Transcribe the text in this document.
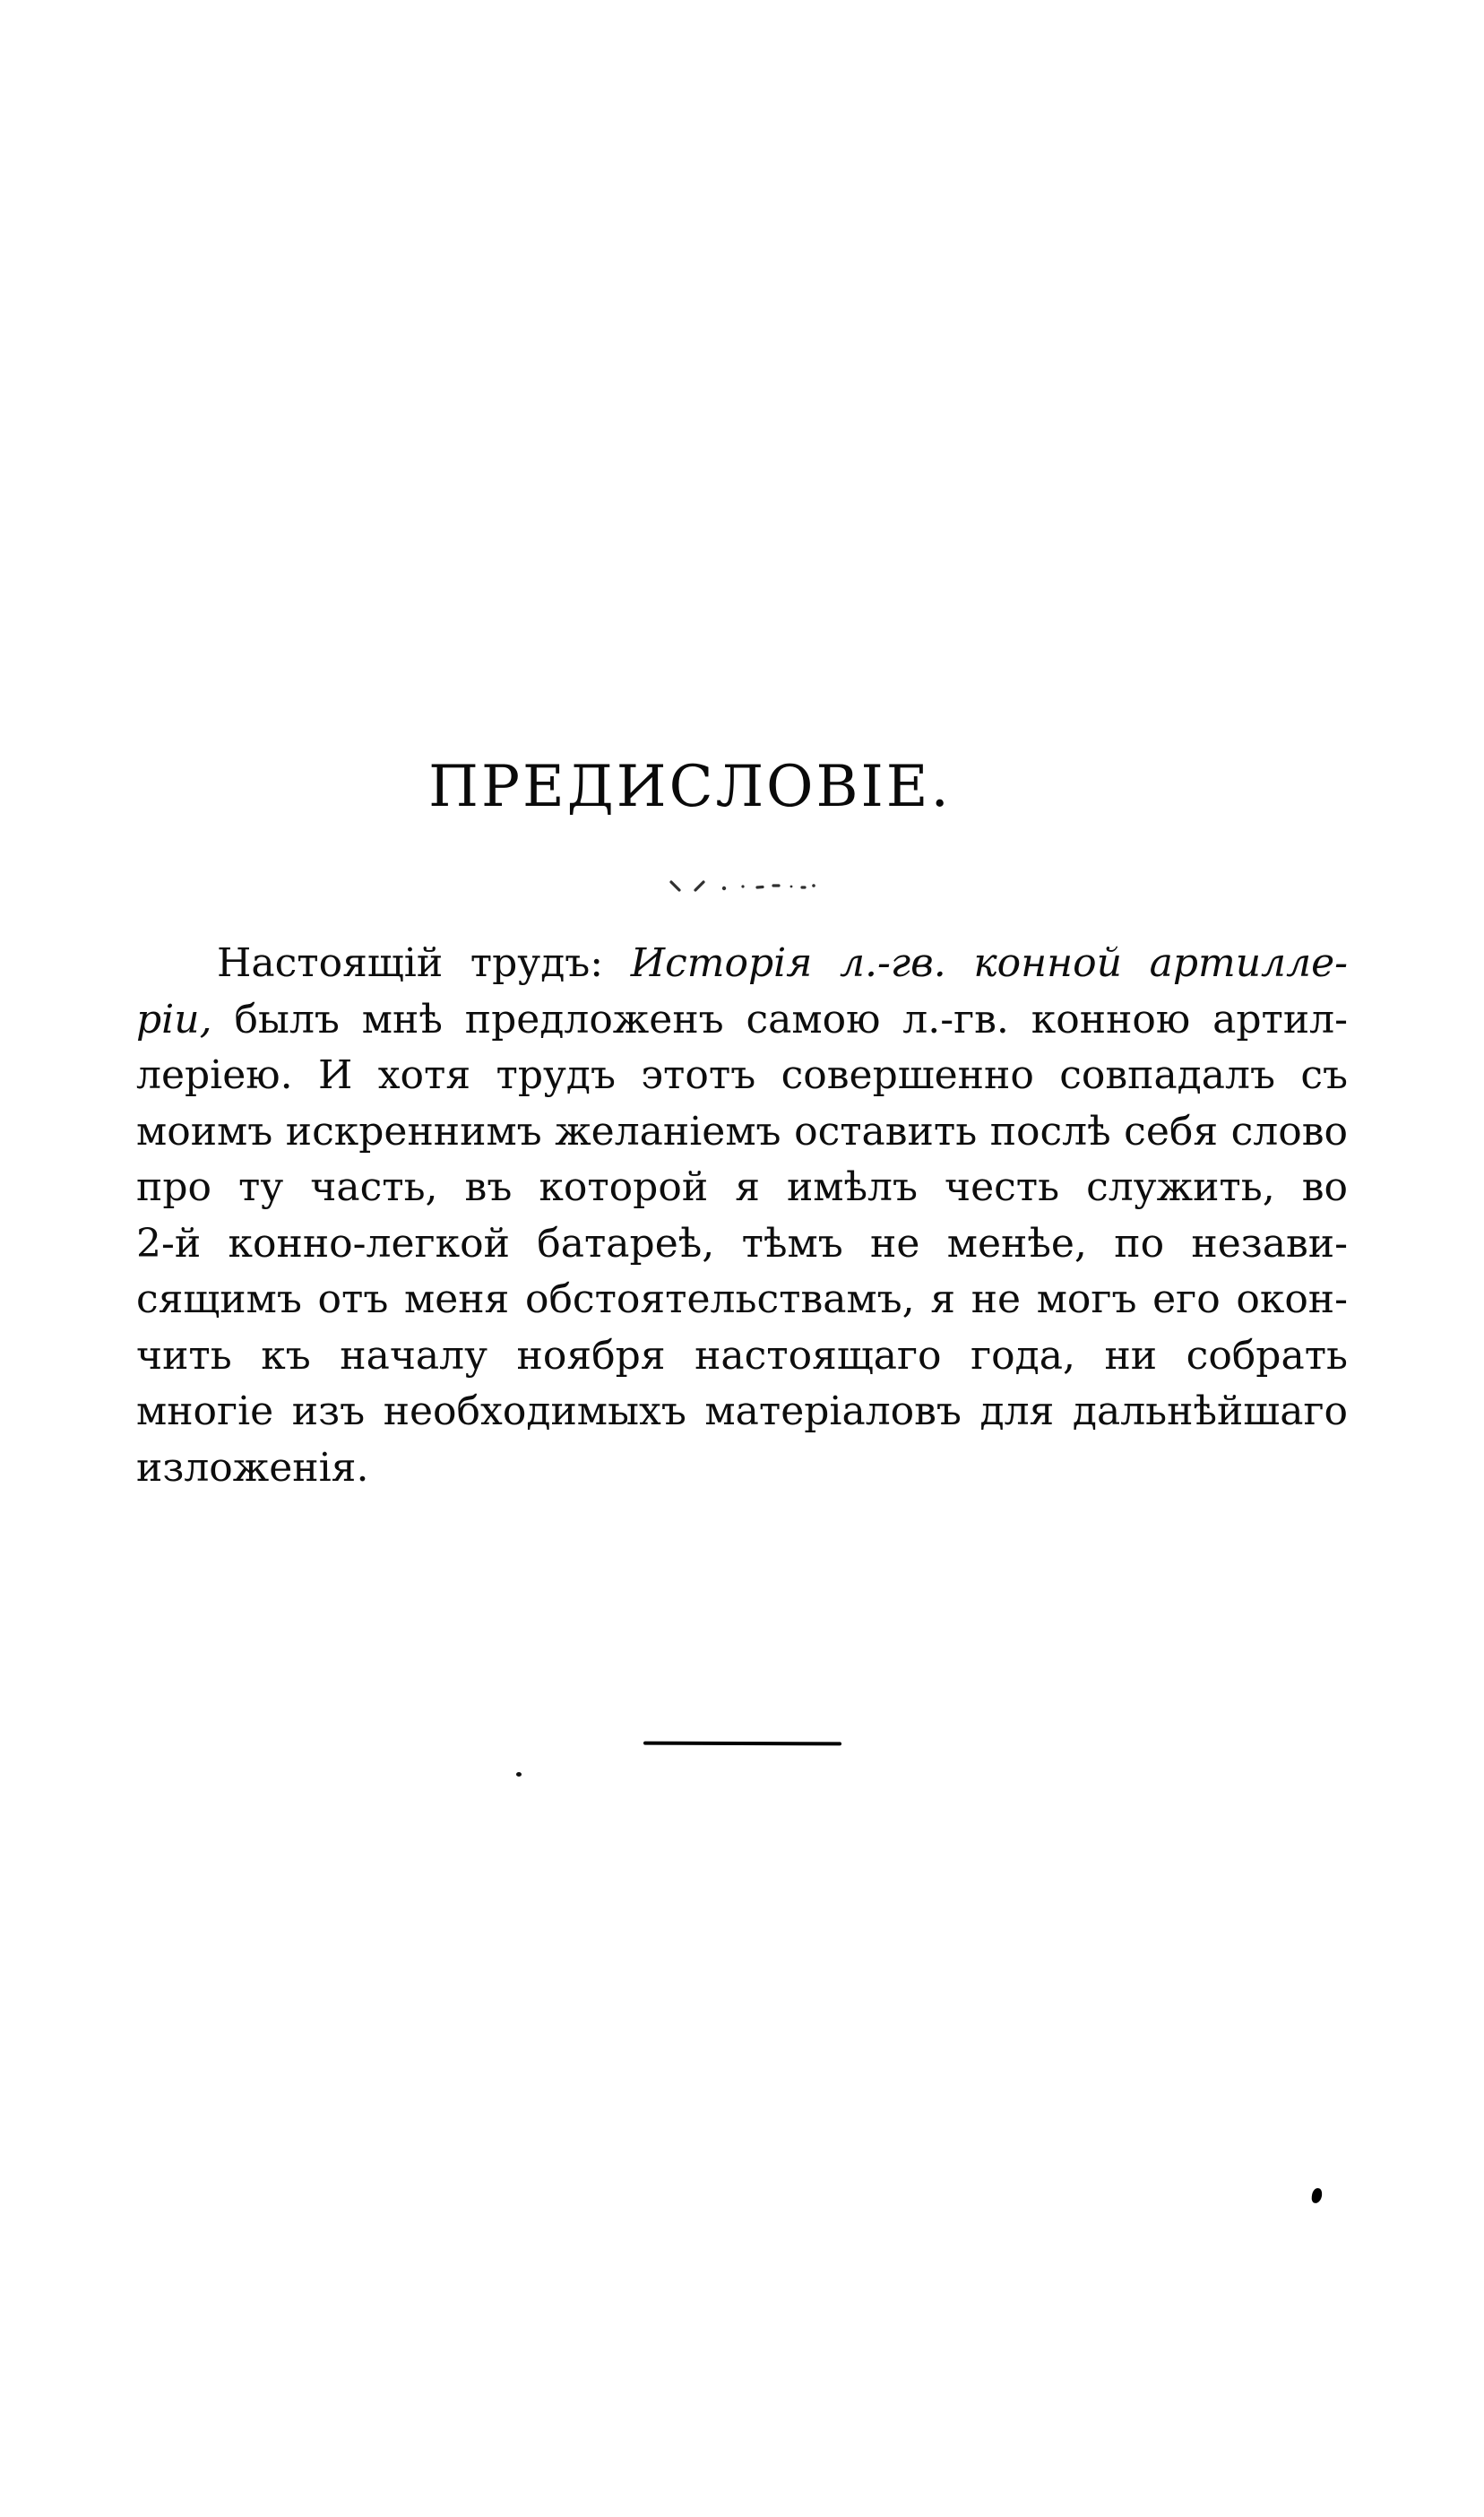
ПРЕДИСЛОВІЕ.
Настоящій трудъ: Исторія л.-гв. конной артилле-
ріи, былъ мнѣ предложенъ самою л.-гв. конною артил-
леріею. И хотя трудъ этотъ совершенно совпадалъ съ
моимъ искреннимъ желаніемъ оставить послѣ себя слово
про ту часть, въ которой я имѣлъ честь служить, во
2-й конно-легкой батареѣ, тѣмъ не менѣе, по незави-
сящимъ отъ меня обстоятельствамъ, я не могъ его окон-
чить къ началу ноября настоящаго года, ни собрать
многіе изъ необходимыхъ матеріаловъ для дальнѣйшаго
изложенія.
